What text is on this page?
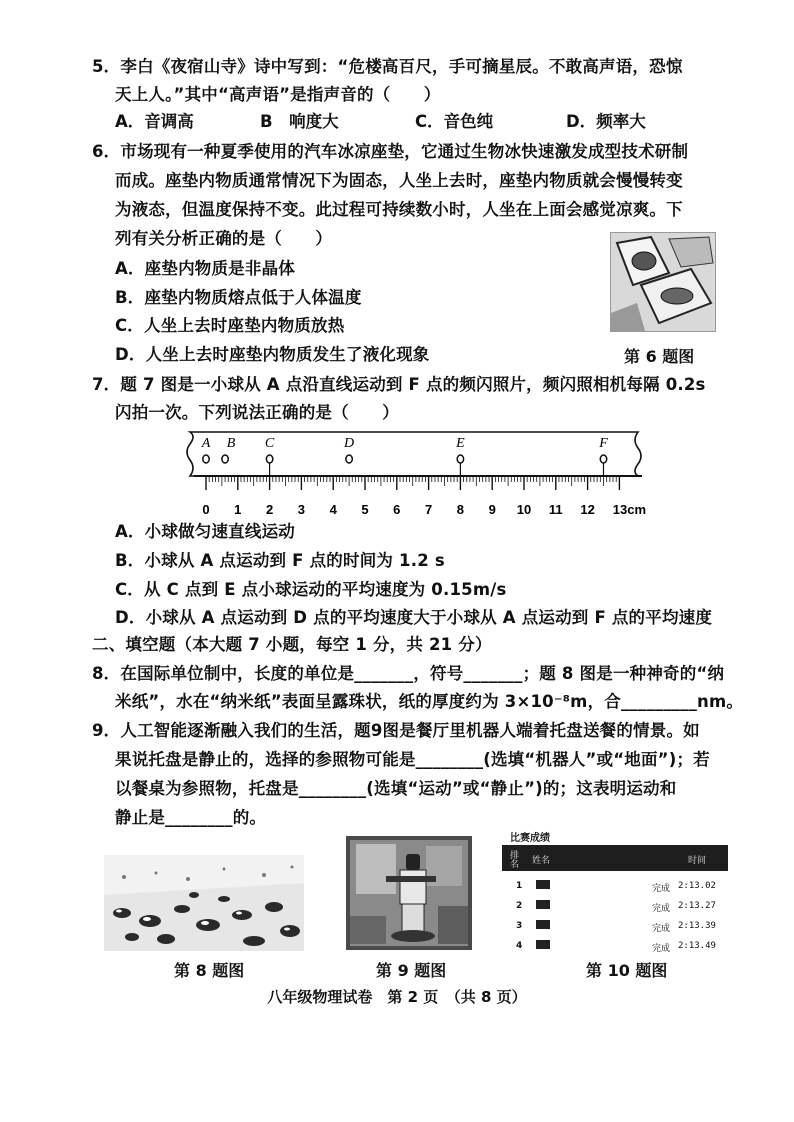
5．李白《夜宿山寺》诗中写到：“危楼高百尺，手可摘星辰。不敢高声语，恐惊
天上人。”其中“高声语”是指声音的（　　）
A．音调高	B　响度大	C．音色纯	D．频率大
6．市场现有一种夏季使用的汽车冰凉座垫，它通过生物冰快速激发成型技术研制
而成。座垫内物质通常情况下为固态，人坐上去时，座垫内物质就会慢慢转变
为液态，但温度保持不变。此过程可持续数小时，人坐在上面会感觉凉爽。下
列有关分析正确的是（　　）
A．座垫内物质是非晶体
B．座垫内物质熔点低于人体温度
C．人坐上去时座垫内物质放热
D．人坐上去时座垫内物质发生了液化现象	第 6 题图
7．题 7 图是一小球从 A 点沿直线运动到 F 点的频闪照片，频闪照相机每隔 0.2s
闪拍一次。下列说法正确的是（　　）
A B C	D	E	F
0 1 2 3 4 5 6 7 8 9 10 11 12 13cm
A．小球做匀速直线运动
B．小球从 A 点运动到 F 点的时间为 1.2 s
C．从 C 点到 E 点小球运动的平均速度为 0.15m/s
D．小球从 A 点运动到 D 点的平均速度大于小球从 A 点运动到 F 点的平均速度
二、填空题（本大题 7 小题，每空 1 分，共 21 分）
8．在国际单位制中，长度的单位是_______，符号_______；题 8 图是一种神奇的“纳
米纸”，水在“纳米纸”表面呈露珠状，纸的厚度约为 3×10⁻⁸m，合_________nm。
9．人工智能逐渐融入我们的生活，题9图是餐厅里机器人端着托盘送餐的情景。如
果说托盘是静止的，选择的参照物可能是________(选填“机器人”或“地面”)；若
以餐桌为参照物，托盘是________(选填“运动”或“静止”)的；这表明运动和
静止是________的。
第 8 题图	第 9 题图
比赛成绩
排名	姓名	时间
1	完成 2:13.02
2	完成 2:13.27
3	完成 2:13.39
4	完成 2:13.49
第 10 题图
八年级物理试卷　第 2 页　（共 8 页）
